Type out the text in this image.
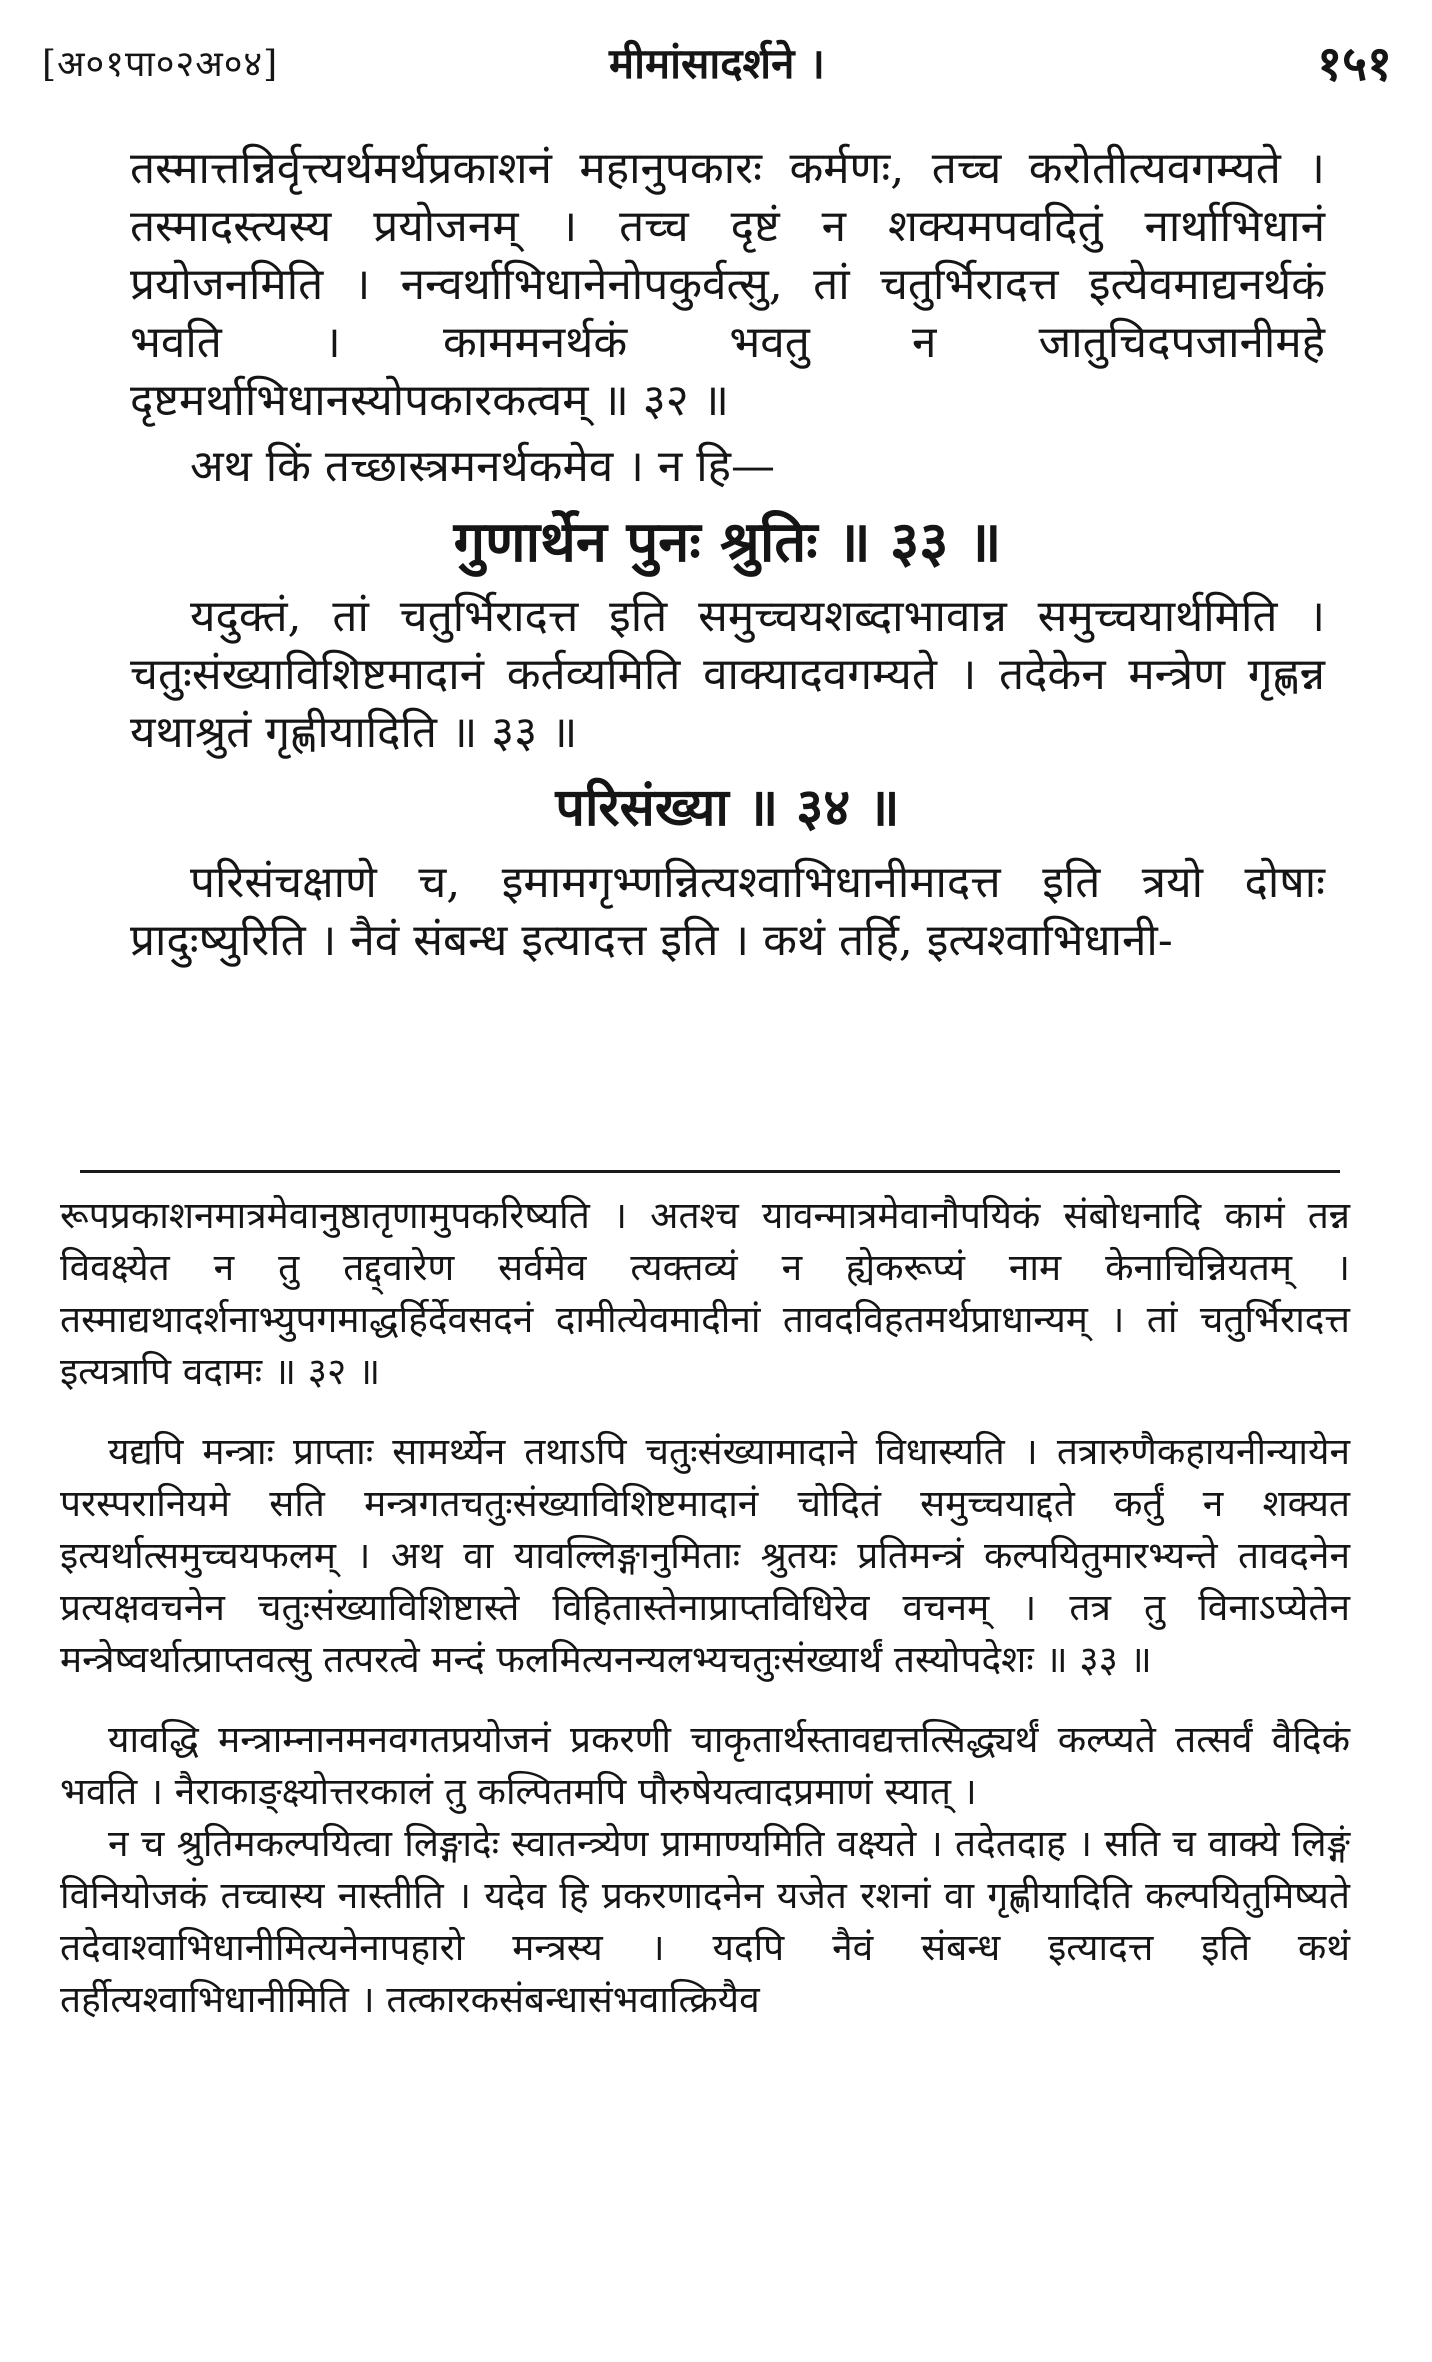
[अ०१पा०२अ०४]	मीमांसादर्शने ।	१५१

तस्मात्तन्निर्वृत्त्यर्थमर्थप्रकाशनं महानुपकारः कर्मणः, तच्च करोतीत्यवगम्यते । तस्मादस्त्यस्य प्रयोजनम् । तच्च दृष्टं न शक्यमपवदितुं नार्थाभिधानं प्रयोजनमिति । नन्वर्थाभिधानेनोपकुर्वत्सु, तां चतुर्भिरादत्त इत्येवमाद्यनर्थकं भवति । काममनर्थकं भवतु न जातुचिदपजानीमहे दृष्टमर्थाभिधानस्योपकारकत्वम् ॥ ३२ ॥

अथ किं तच्छास्त्रमनर्थकमेव । न हि—

गुणार्थेन पुनः श्रुतिः ॥ ३३ ॥

यदुक्तं, तां चतुर्भिरादत्त इति समुच्चयशब्दाभावान्न समुच्चयार्थमिति । चतुःसंख्याविशिष्टमादानं कर्तव्यमिति वाक्यादवगम्यते । तदेकेन मन्त्रेण गृह्णन्न यथाश्रुतं गृह्णीयादिति ॥ ३३ ॥

परिसंख्या ॥ ३४ ॥

परिसंचक्षाणे च, इमामगृभ्णन्नित्यश्वाभिधानीमादत्त इति त्रयो दोषाः प्रादुःष्युरिति । नैवं संबन्ध इत्यादत्त इति । कथं तर्हि, इत्यश्वाभिधानी-

रूपप्रकाशनमात्रमेवानुष्ठातृणामुपकरिष्यति । अतश्च यावन्मात्रमेवानौपयिकं संबोधनादि कामं तन्न विवक्ष्येत न तु तद्द्वारेण सर्वमेव त्यक्तव्यं न ह्येकरूप्यं नाम केनाचिन्नियतम् । तस्माद्यथादर्शनाभ्युपगमाद्धर्हिर्देवसदनं दामीत्येवमादीनां तावदविहतमर्थप्राधान्यम् । तां चतुर्भिरादत्त इत्यत्रापि वदामः ॥ ३२ ॥

यद्यपि मन्त्राः प्राप्ताः सामर्थ्येन तथाऽपि चतुःसंख्यामादाने विधास्यति । तत्रारुणैकहायनीन्यायेन परस्परानियमे सति मन्त्रगतचतुःसंख्याविशिष्टमादानं चोदितं समुच्चयाद्दते कर्तुं न शक्यत इत्यर्थात्समुच्चयफलम् । अथ वा यावल्लिङ्गानुमिताः श्रुतयः प्रतिमन्त्रं कल्पयितुमारभ्यन्ते तावदनेन प्रत्यक्षवचनेन चतुःसंख्याविशिष्टास्ते विहितास्तेनाप्राप्तविधिरेव वचनम् । तत्र तु विनाऽप्येतेन मन्त्रेष्वर्थात्प्राप्तवत्सु तत्परत्वे मन्दं फलमित्यनन्यलभ्यचतुःसंख्यार्थं तस्योपदेशः ॥ ३३ ॥

यावद्धि मन्त्राम्नानमनवगतप्रयोजनं प्रकरणी चाकृतार्थस्तावद्यत्तत्सिद्ध्यर्थं कल्प्यते तत्सर्वं वैदिकं भवति । नैराकाङ्क्ष्योत्तरकालं तु कल्पितमपि पौरुषेयत्वादप्रमाणं स्यात् ।

न च श्रुतिमकल्पयित्वा लिङ्गादेः स्वातन्त्र्येण प्रामाण्यमिति वक्ष्यते । तदेतदाह । सति च वाक्ये लिङ्गं विनियोजकं तच्चास्य नास्तीति । यदेव हि प्रकरणादनेन यजेत रशनां वा गृह्णीयादिति कल्पयितुमिष्यते तदेवाश्वाभिधानीमित्यनेनापहारो मन्त्रस्य । यदपि नैवं संबन्ध इत्यादत्त इति कथं तर्हीत्यश्वाभिधानीमिति । तत्कारकसंबन्धासंभवात्क्रियैव
